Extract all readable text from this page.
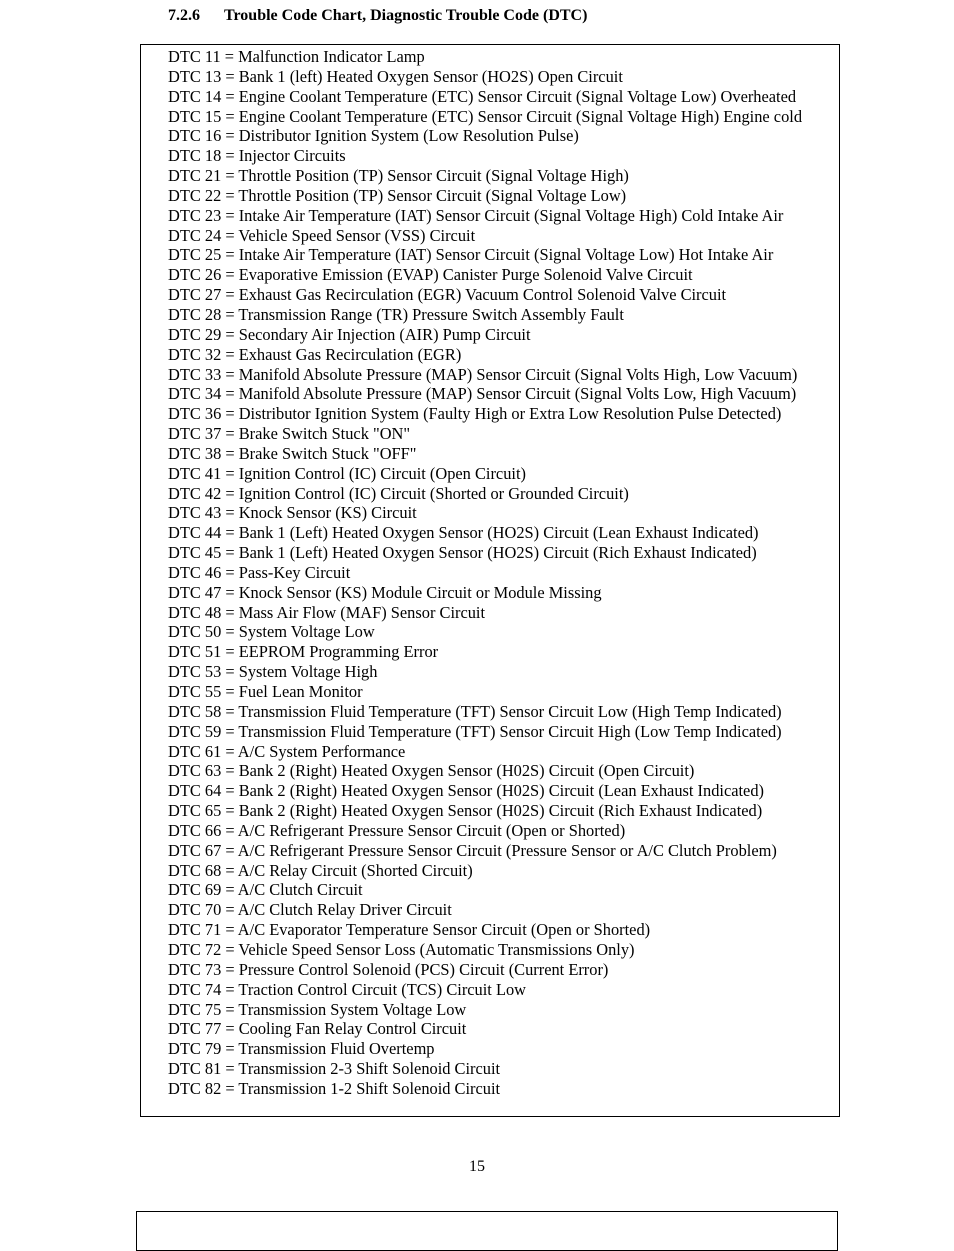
7.2.6 Trouble Code Chart, Diagnostic Trouble Code (DTC)
DTC 11 = Malfunction Indicator Lamp
DTC 13 = Bank 1 (left) Heated Oxygen Sensor (HO2S) Open Circuit
DTC 14 = Engine Coolant Temperature (ETC) Sensor Circuit (Signal Voltage Low) Overheated
DTC 15 = Engine Coolant Temperature (ETC) Sensor Circuit (Signal Voltage High) Engine cold
DTC 16 = Distributor Ignition System (Low Resolution Pulse)
DTC 18 = Injector Circuits
DTC 21 = Throttle Position (TP) Sensor Circuit (Signal Voltage High)
DTC 22 = Throttle Position (TP) Sensor Circuit (Signal Voltage Low)
DTC 23 = Intake Air Temperature (IAT) Sensor Circuit (Signal Voltage High) Cold Intake Air
DTC 24 = Vehicle Speed Sensor (VSS) Circuit
DTC 25 = Intake Air Temperature (IAT) Sensor Circuit (Signal Voltage Low) Hot Intake Air
DTC 26 = Evaporative Emission (EVAP) Canister Purge Solenoid Valve Circuit
DTC 27 = Exhaust Gas Recirculation (EGR) Vacuum Control Solenoid Valve Circuit
DTC 28 = Transmission Range (TR) Pressure Switch Assembly Fault
DTC 29 = Secondary Air Injection (AIR) Pump Circuit
DTC 32 = Exhaust Gas Recirculation (EGR)
DTC 33 = Manifold Absolute Pressure (MAP) Sensor Circuit (Signal Volts High, Low Vacuum)
DTC 34 = Manifold Absolute Pressure (MAP) Sensor Circuit (Signal Volts Low, High Vacuum)
DTC 36 = Distributor Ignition System (Faulty High or Extra Low Resolution Pulse Detected)
DTC 37 = Brake Switch Stuck "ON"
DTC 38 = Brake Switch Stuck "OFF"
DTC 41 = Ignition Control (IC) Circuit (Open Circuit)
DTC 42 = Ignition Control (IC) Circuit (Shorted or Grounded Circuit)
DTC 43 = Knock Sensor (KS) Circuit
DTC 44 = Bank 1 (Left) Heated Oxygen Sensor (HO2S) Circuit (Lean Exhaust Indicated)
DTC 45 = Bank 1 (Left) Heated Oxygen Sensor (HO2S) Circuit (Rich Exhaust Indicated)
DTC 46 = Pass-Key Circuit
DTC 47 = Knock Sensor (KS) Module Circuit or Module Missing
DTC 48 = Mass Air Flow (MAF) Sensor Circuit
DTC 50 = System Voltage Low
DTC 51 = EEPROM Programming Error
DTC 53 = System Voltage High
DTC 55 = Fuel Lean Monitor
DTC 58 = Transmission Fluid Temperature (TFT) Sensor Circuit Low (High Temp Indicated)
DTC 59 = Transmission Fluid Temperature (TFT) Sensor Circuit High (Low Temp Indicated)
DTC 61 = A/C System Performance
DTC 63 = Bank 2 (Right) Heated Oxygen Sensor (H02S) Circuit (Open Circuit)
DTC 64 = Bank 2 (Right) Heated Oxygen Sensor (H02S) Circuit (Lean Exhaust Indicated)
DTC 65 = Bank 2 (Right) Heated Oxygen Sensor (H02S) Circuit (Rich Exhaust Indicated)
DTC 66 = A/C Refrigerant Pressure Sensor Circuit (Open or Shorted)
DTC 67 = A/C Refrigerant Pressure Sensor Circuit (Pressure Sensor or A/C Clutch Problem)
DTC 68 = A/C Relay Circuit (Shorted Circuit)
DTC 69 = A/C Clutch Circuit
DTC 70 = A/C Clutch Relay Driver Circuit
DTC 71 = A/C Evaporator Temperature Sensor Circuit (Open or Shorted)
DTC 72 = Vehicle Speed Sensor Loss (Automatic Transmissions Only)
DTC 73 = Pressure Control Solenoid (PCS) Circuit (Current Error)
DTC 74 = Traction Control Circuit (TCS) Circuit Low
DTC 75 = Transmission System Voltage Low
DTC 77 = Cooling Fan Relay Control Circuit
DTC 79 = Transmission Fluid Overtemp
DTC 81 = Transmission 2-3 Shift Solenoid Circuit
DTC 82 = Transmission 1-2 Shift Solenoid Circuit
15
